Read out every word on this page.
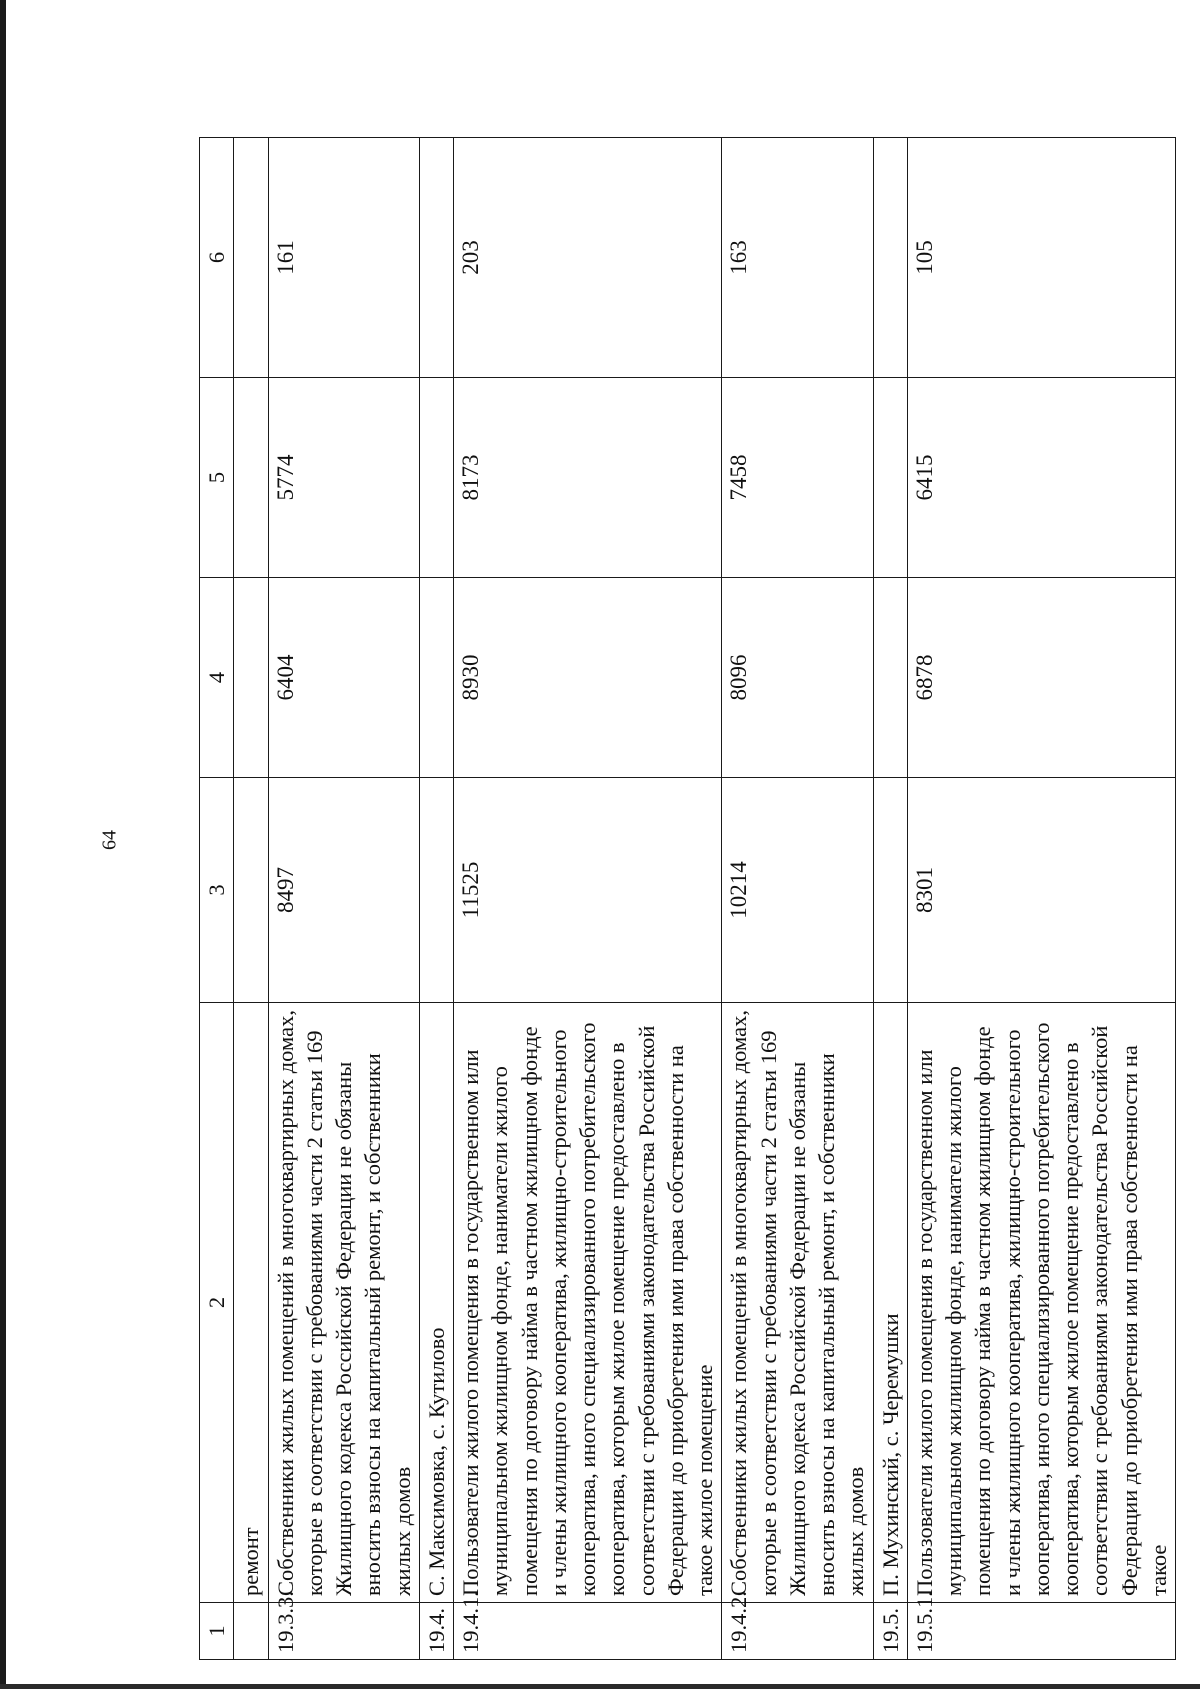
64
1	2	3	4	5	6
	ремонт				
19.3.3.	Собственники жилых помещений в многоквартирных домах, которые в соответствии с требованиями части 2 статьи 169 Жилищного кодекса Российской Федерации не обязаны вносить взносы на капитальный ремонт, и собственники жилых домов	8497	6404	5774	161
19.4.	С. Максимовка, с. Кутилово				
19.4.1.	Пользователи жилого помещения в государственном или муниципальном жилищном фонде, наниматели жилого помещения по договору найма в частном жилищном фонде и члены жилищного кооператива, жилищно-строительного кооператива, иного специализированного потребительского кооператива, которым жилое помещение предоставлено в соответствии с требованиями законодательства Российской Федерации до приобретения ими права собственности на такое жилое помещение	11525	8930	8173	203
19.4.2.	Собственники жилых помещений в многоквартирных домах, которые в соответствии с требованиями части 2 статьи 169 Жилищного кодекса Российской Федерации не обязаны вносить взносы на капитальный ремонт, и собственники жилых домов	10214	8096	7458	163
19.5.	П. Мухинский, с. Черемушки				
19.5.1.	Пользователи жилого помещения в государственном или муниципальном жилищном фонде, наниматели жилого помещения по договору найма в частном жилищном фонде и члены жилищного кооператива, жилищно-строительного кооператива, иного специализированного потребительского кооператива, которым жилое помещение предоставлено в соответствии с требованиями законодательства Российской Федерации до приобретения ими права собственности на такое	8301	6878	6415	105
